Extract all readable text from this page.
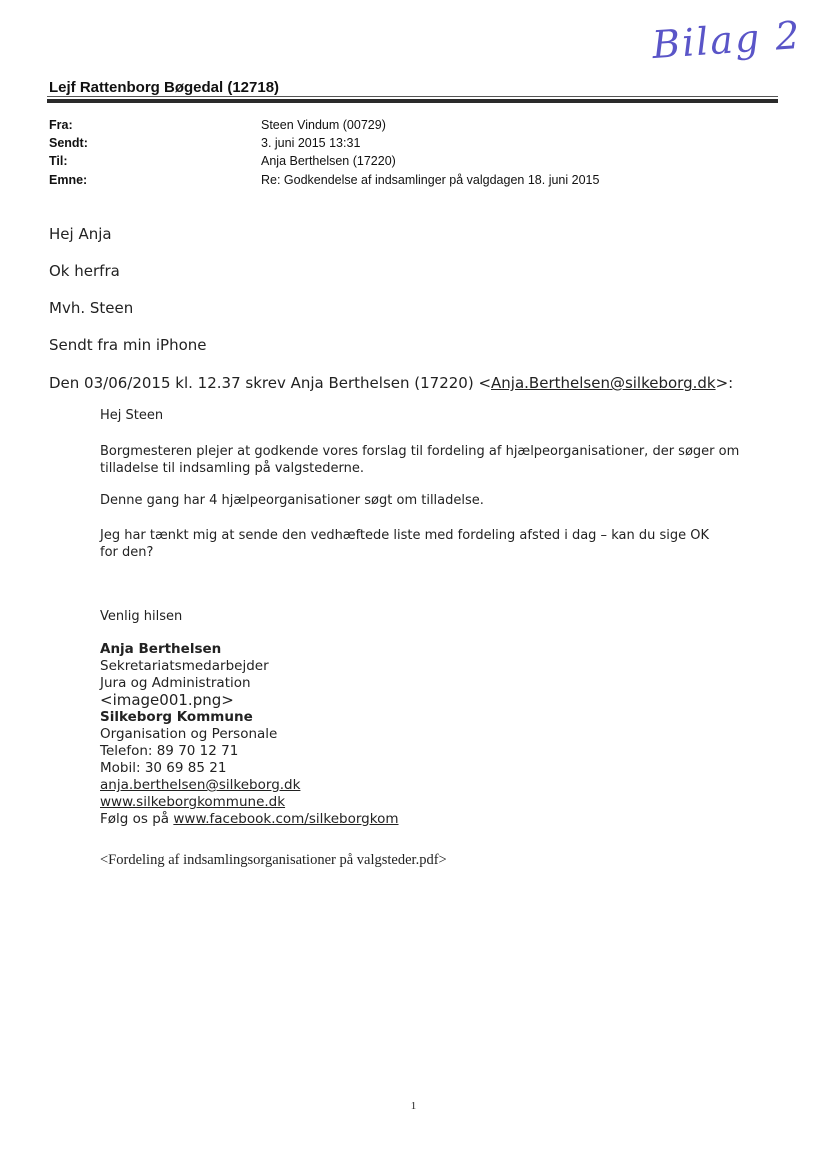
Bilag 2
Lejf Rattenborg Bøgedal (12718)
Fra:	Steen Vindum (00729)
Sendt:	3. juni 2015 13:31
Til:	Anja Berthelsen (17220)
Emne:	Re: Godkendelse af indsamlinger på valgdagen 18. juni 2015
Hej Anja
Ok herfra
Mvh. Steen
Sendt fra min iPhone
Den 03/06/2015 kl. 12.37 skrev Anja Berthelsen (17220) <Anja.Berthelsen@silkeborg.dk>:
Hej Steen
Borgmesteren plejer at godkende vores forslag til fordeling af hjælpeorganisationer, der søger om tilladelse til indsamling på valgstederne.
Denne gang har 4 hjælpeorganisationer søgt om tilladelse.
Jeg har tænkt mig at sende den vedhæftede liste med fordeling afsted i dag – kan du sige OK for den?
Venlig hilsen
Anja Berthelsen
Sekretariatsmedarbejder
Jura og Administration
<image001.png>
Silkeborg Kommune
Organisation og Personale
Telefon: 89 70 12 71
Mobil: 30 69 85 21
anja.berthelsen@silkeborg.dk
www.silkeborgkommune.dk
Følg os på www.facebook.com/silkeborgkom
<Fordeling af indsamlingsorganisationer på valgsteder.pdf>
1
